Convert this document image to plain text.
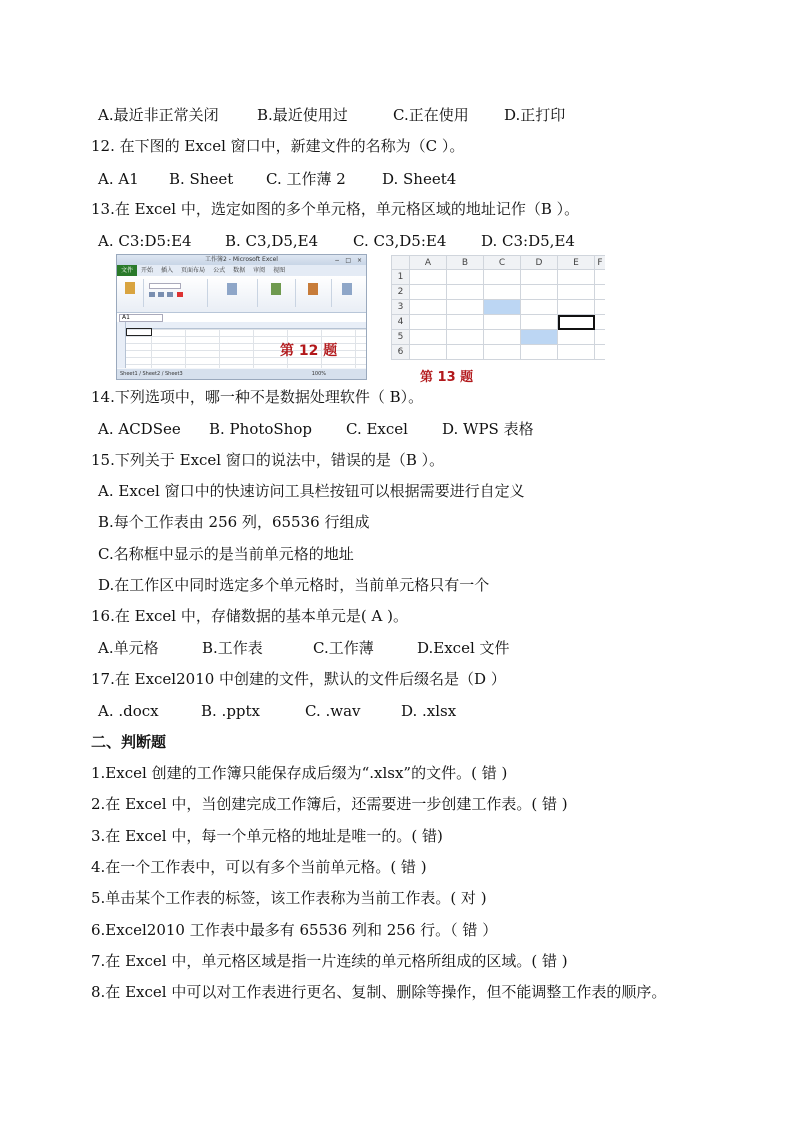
A.最近非正常关闭	B.最近使用过	C.正在使用 D.正打印
12. 在下图的 Excel 窗口中，新建文件的名称为（C ）。
A. A1 B. Sheet C. 工作薄 2 D. Sheet4
13.在 Excel 中，选定如图的多个单元格，单元格区域的地址记作（B ）。
A. C3:D5:E4 B. C3,D5,E4 C. C3,D5:E4 D. C3:D5,E4
工作簿2 - Microsoft Excel	− □ ×
文件	开始	插入	页面布局	公式	数据	审阅	视图
A1
Sheet1 / Sheet2 / Sheet3	100%
第 12 题
	A	B	C	D	E	F
1						
2						
3						
4						
5						
6						
第 13 题
14.下列选项中，哪一种不是数据处理软件（ B）。
A. ACDSee B. PhotoShop C. Excel D. WPS 表格
15.下列关于 Excel 窗口的说法中，错误的是（B ）。
A. Excel 窗口中的快速访问工具栏按钮可以根据需要进行自定义
B.每个工作表由 256 列，65536 行组成
C.名称框中显示的是当前单元格的地址
D.在工作区中同时选定多个单元格时，当前单元格只有一个
16.在 Excel 中，存储数据的基本单元是( A )。
A.单元格	B.工作表	C.工作薄	D.Excel 文件
17.在 Excel2010 中创建的文件，默认的文件后缀名是（D ）
A. .docx	B. .pptx	C. .wav	D. .xlsx
二、判断题
1.Excel 创建的工作簿只能保存成后缀为“.xlsx”的文件。( 错 )
2.在 Excel 中，当创建完成工作簿后，还需要进一步创建工作表。( 错 )
3.在 Excel 中，每一个单元格的地址是唯一的。( 错)
4.在一个工作表中，可以有多个当前单元格。( 错 )
5.单击某个工作表的标签，该工作表称为当前工作表。( 对 )
6.Excel2010 工作表中最多有 65536 列和 256 行。（ 错 ）
7.在 Excel 中，单元格区域是指一片连续的单元格所组成的区域。( 错 )
8.在 Excel 中可以对工作表进行更名、复制、删除等操作，但不能调整工作表的顺序。
